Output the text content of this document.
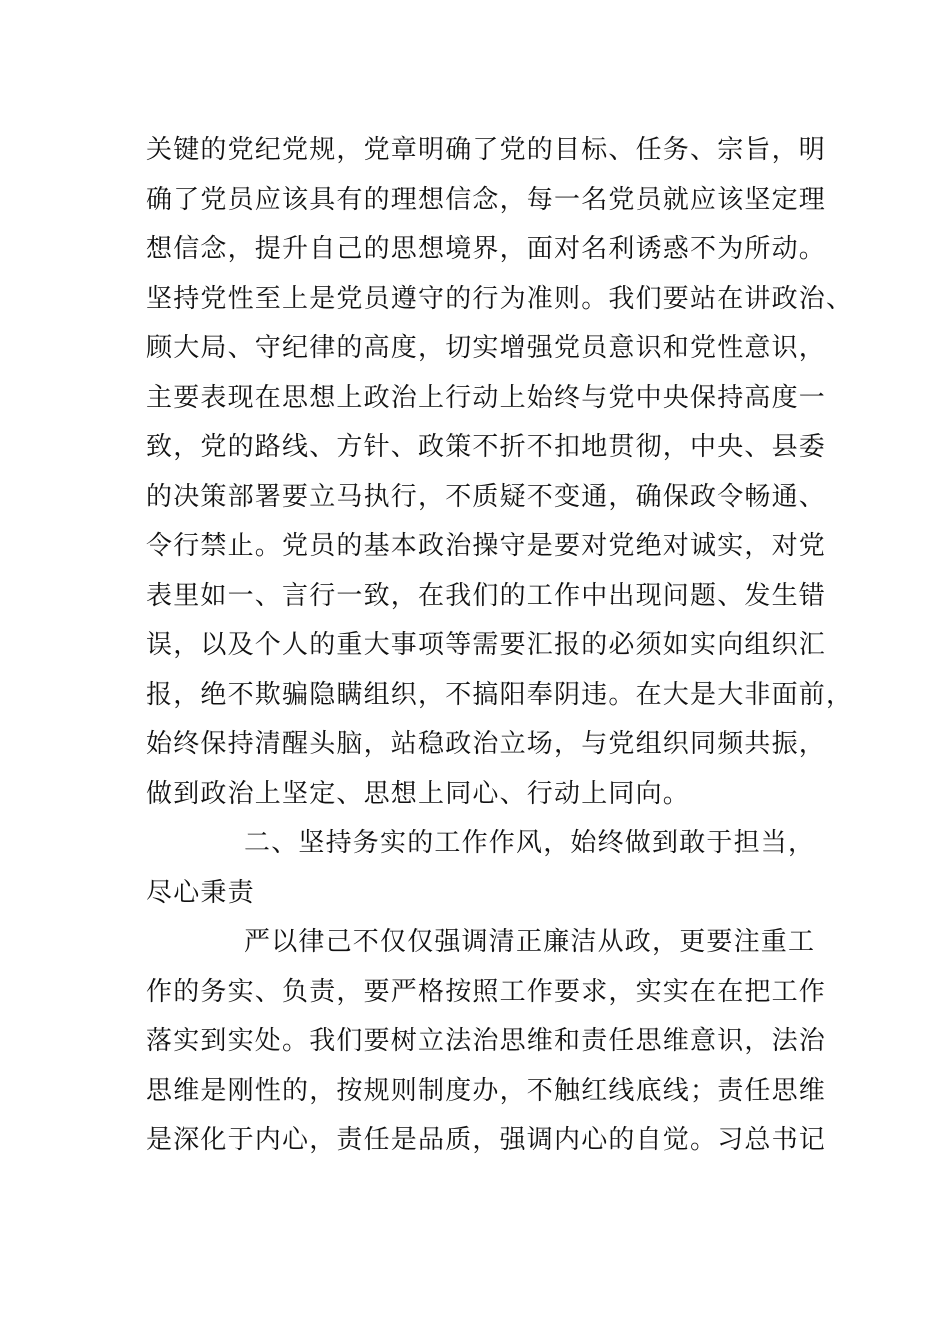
关键的党纪党规，党章明确了党的目标、任务、宗旨，明
确了党员应该具有的理想信念，每一名党员就应该坚定理
想信念，提升自己的思想境界，面对名利诱惑不为所动。
坚持党性至上是党员遵守的行为准则。我们要站在讲政治、
顾大局、守纪律的高度，切实增强党员意识和党性意识，
主要表现在思想上政治上行动上始终与党中央保持高度一
致，党的路线、方针、政策不折不扣地贯彻，中央、县委
的决策部署要立马执行，不质疑不变通，确保政令畅通、
令行禁止。党员的基本政治操守是要对党绝对诚实，对党
表里如一、言行一致，在我们的工作中出现问题、发生错
误，以及个人的重大事项等需要汇报的必须如实向组织汇
报，绝不欺骗隐瞒组织，不搞阳奉阴违。在大是大非面前，
始终保持清醒头脑，站稳政治立场，与党组织同频共振，
做到政治上坚定、思想上同心、行动上同向。
二、坚持务实的工作作风，始终做到敢于担当，
尽心秉责
严以律己不仅仅强调清正廉洁从政，更要注重工
作的务实、负责，要严格按照工作要求，实实在在把工作
落实到实处。我们要树立法治思维和责任思维意识，法治
思维是刚性的，按规则制度办，不触红线底线；责任思维
是深化于内心，责任是品质，强调内心的自觉。习总书记
